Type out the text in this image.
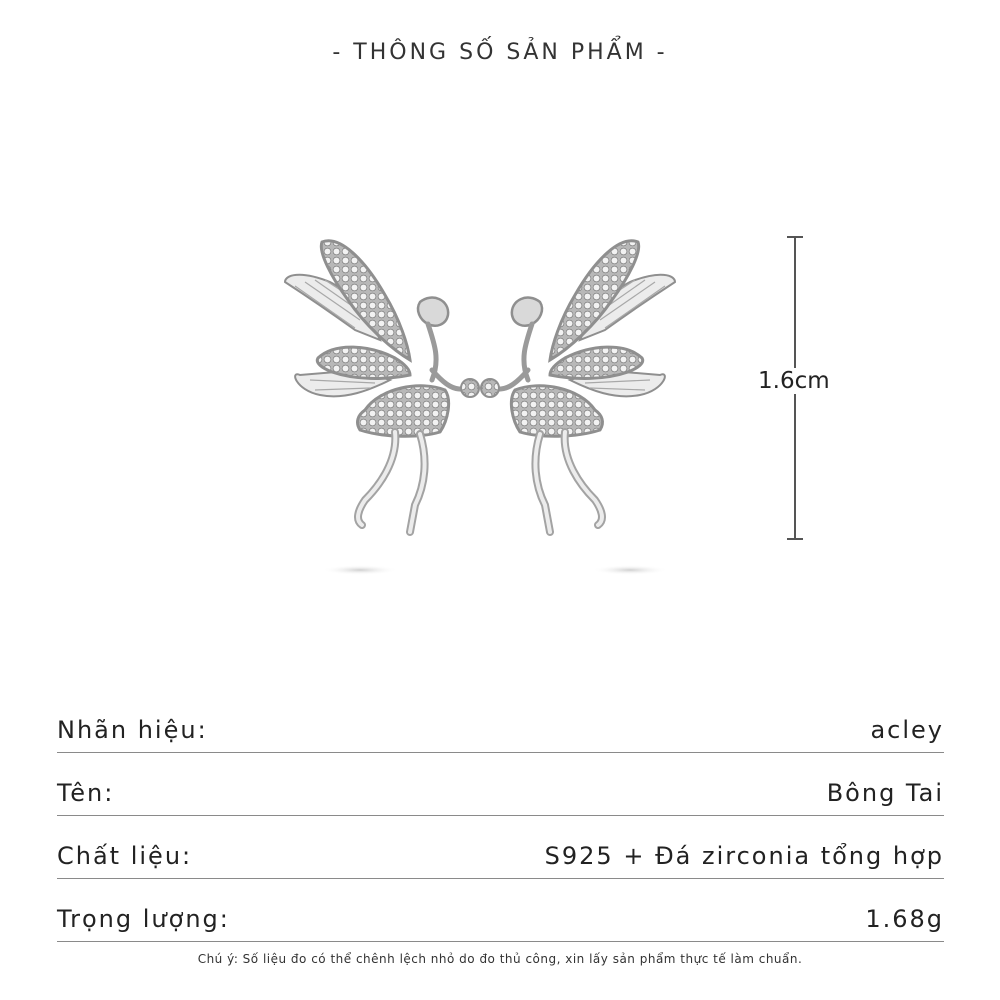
- THÔNG SỐ SẢN PHẨM -
1.6cm
Nhãn hiệu:	acley
Tên:	Bông Tai
Chất liệu:	S925 + Đá zirconia tổng hợp
Trọng lượng:	1.68g
Chú ý: Số liệu đo có thể chênh lệch nhỏ do đo thủ công, xin lấy sản phẩm thực tế làm chuẩn.
